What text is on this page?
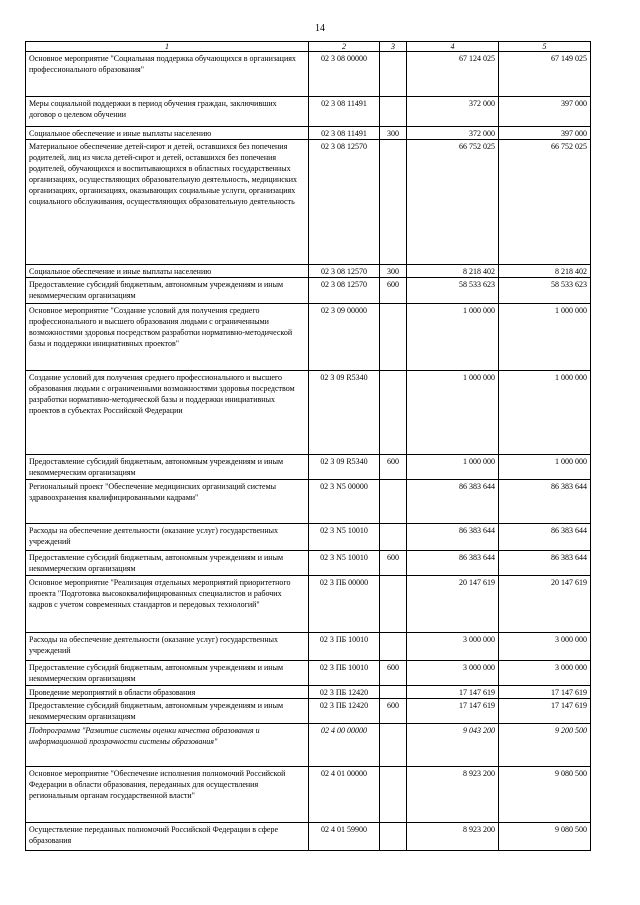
14
1	2	3	4	5
Основное мероприятие "Социальная поддержка обучающихся в организациях профессионального образования"	02 3 08 00000		67 124 025	67 149 025
Меры социальной поддержки в период обучения граждан, заключивших договор о целевом обучении	02 3 08 11491		372 000	397 000
Социальное обеспечение и иные выплаты населению	02 3 08 11491	300	372 000	397 000
Материальное обеспечение детей-сирот и детей, оставшихся без попечения родителей, лиц из числа детей-сирот и детей, оставшихся без попечения родителей, обучающихся и воспитывающихся в областных государственных организациях, осуществляющих образовательную деятельность, медицинских организациях, организациях, оказывающих социальные услуги, организациях социального обслуживания, осуществляющих образовательную деятельность	02 3 08 12570		66 752 025	66 752 025
Социальное обеспечение и иные выплаты населению	02 3 08 12570	300	8 218 402	8 218 402
Предоставление субсидий бюджетным, автономным учреждениям и иным некоммерческим организациям	02 3 08 12570	600	58 533 623	58 533 623
Основное мероприятие "Создание условий для получения среднего профессионального и высшего образования людьми с ограниченными возможностями здоровья посредством разработки нормативно-методической базы и поддержки инициативных проектов"	02 3 09 00000		1 000 000	1 000 000
Создание условий для получения среднего профессионального и высшего образования людьми с ограниченными возможностями здоровья посредством разработки нормативно-методической базы и поддержки инициативных проектов в субъектах Российской Федерации	02 3 09 R5340		1 000 000	1 000 000
Предоставление субсидий бюджетным, автономным учреждениям и иным некоммерческим организациям	02 3 09 R5340	600	1 000 000	1 000 000
Региональный проект "Обеспечение медицинских организаций системы здравоохранения квалифицированными кадрами"	02 3 N5 00000		86 383 644	86 383 644
Расходы на обеспечение деятельности (оказание услуг) государственных учреждений	02 3 N5 10010		86 383 644	86 383 644
Предоставление субсидий бюджетным, автономным учреждениям и иным некоммерческим организациям	02 3 N5 10010	600	86 383 644	86 383 644
Основное мероприятие "Реализация отдельных мероприятий приоритетного проекта "Подготовка высококвалифицированных специалистов и рабочих кадров с учетом современных стандартов и передовых технологий"	02 3 ПБ 00000		20 147 619	20 147 619
Расходы на обеспечение деятельности (оказание услуг) государственных учреждений	02 3 ПБ 10010		3 000 000	3 000 000
Предоставление субсидий бюджетным, автономным учреждениям и иным некоммерческим организациям	02 3 ПБ 10010	600	3 000 000	3 000 000
Проведение мероприятий в области образования	02 3 ПБ 12420		17 147 619	17 147 619
Предоставление субсидий бюджетным, автономным учреждениям и иным некоммерческим организациям	02 3 ПБ 12420	600	17 147 619	17 147 619
Подпрограмма "Развитие системы оценки качества образования и информационной прозрачности системы образования"	02 4 00 00000		9 043 200	9 200 500
Основное мероприятие "Обеспечение исполнения полномочий Российской Федерации в области образования, переданных для осуществления региональным органам государственной власти"	02 4 01 00000		8 923 200	9 080 500
Осуществление переданных полномочий Российской Федерации в сфере образования	02 4 01 59900		8 923 200	9 080 500
